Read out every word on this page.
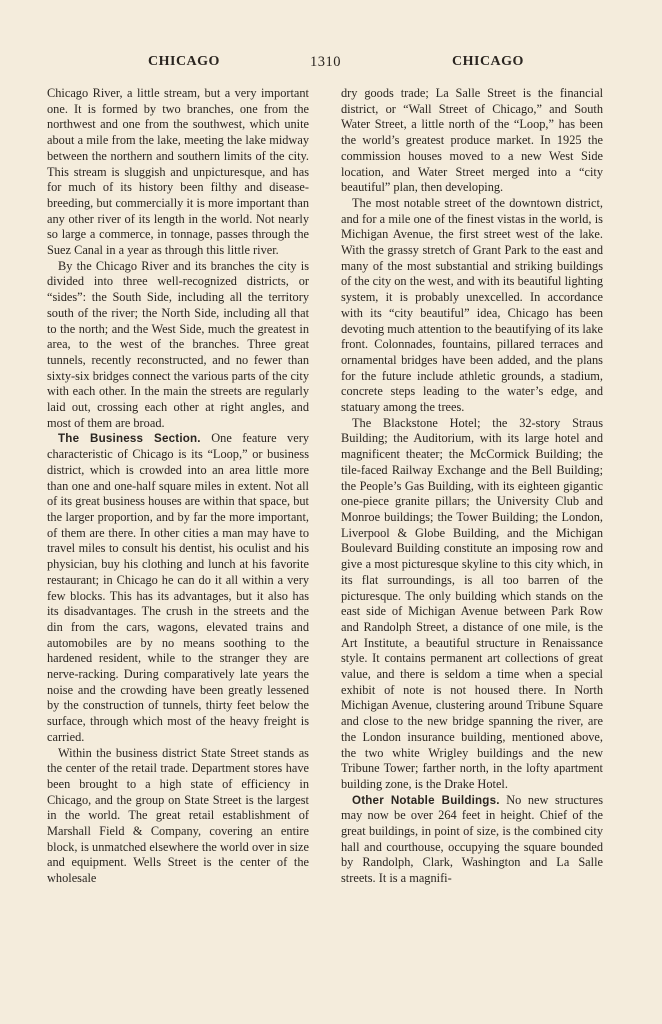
CHICAGO	1310	CHICAGO

Chicago River, a little stream, but a very important one. It is formed by two branches, one from the northwest and one from the southwest, which unite about a mile from the lake, meeting the lake midway between the northern and southern limits of the city. This stream is sluggish and unpicturesque, and has for much of its history been filthy and disease-breeding, but commercially it is more important than any other river of its length in the world. Not nearly so large a commerce, in tonnage, passes through the Suez Canal in a year as through this little river.

By the Chicago River and its branches the city is divided into three well-recognized districts, or “sides”: the South Side, including all the territory south of the river; the North Side, including all that to the north; and the West Side, much the greatest in area, to the west of the branches. Three great tunnels, recently reconstructed, and no fewer than sixty-six bridges connect the various parts of the city with each other. In the main the streets are regularly laid out, crossing each other at right angles, and most of them are broad.

The Business Section. One feature very characteristic of Chicago is its “Loop,” or business district, which is crowded into an area little more than one and one-half square miles in extent. Not all of its great business houses are within that space, but the larger proportion, and by far the more important, of them are there. In other cities a man may have to travel miles to consult his dentist, his oculist and his physician, buy his clothing and lunch at his favorite restaurant; in Chicago he can do it all within a very few blocks. This has its advantages, but it also has its disadvantages. The crush in the streets and the din from the cars, wagons, elevated trains and automobiles are by no means soothing to the hardened resident, while to the stranger they are nerve-racking. During comparatively late years the noise and the crowding have been greatly lessened by the construction of tunnels, thirty feet below the surface, through which most of the heavy freight is carried.

Within the business district State Street stands as the center of the retail trade. Department stores have been brought to a high state of efficiency in Chicago, and the group on State Street is the largest in the world. The great retail establishment of Marshall Field & Company, covering an entire block, is unmatched elsewhere the world over in size and equipment. Wells Street is the center of the wholesale

dry goods trade; La Salle Street is the financial district, or “Wall Street of Chicago,” and South Water Street, a little north of the “Loop,” has been the world’s greatest produce market. In 1925 the commission houses moved to a new West Side location, and Water Street merged into a “city beautiful” plan, then developing.

The most notable street of the downtown district, and for a mile one of the finest vistas in the world, is Michigan Avenue, the first street west of the lake. With the grassy stretch of Grant Park to the east and many of the most substantial and striking buildings of the city on the west, and with its beautiful lighting system, it is probably unexcelled. In accordance with its “city beautiful” idea, Chicago has been devoting much attention to the beautifying of its lake front. Colonnades, fountains, pillared terraces and ornamental bridges have been added, and the plans for the future include athletic grounds, a stadium, concrete steps leading to the water’s edge, and statuary among the trees.

The Blackstone Hotel; the 32-story Straus Building; the Auditorium, with its large hotel and magnificent theater; the McCormick Building; the tile-faced Railway Exchange and the Bell Building; the People’s Gas Building, with its eighteen gigantic one-piece granite pillars; the University Club and Monroe buildings; the Tower Building; the London, Liverpool & Globe Building, and the Michigan Boulevard Building constitute an imposing row and give a most picturesque skyline to this city which, in its flat surroundings, is all too barren of the picturesque. The only building which stands on the east side of Michigan Avenue between Park Row and Randolph Street, a distance of one mile, is the Art Institute, a beautiful structure in Renaissance style. It contains permanent art collections of great value, and there is seldom a time when a special exhibit of note is not housed there. In North Michigan Avenue, clustering around Tribune Square and close to the new bridge spanning the river, are the London insurance building, mentioned above, the two white Wrigley buildings and the new Tribune Tower; farther north, in the lofty apartment building zone, is the Drake Hotel.

Other Notable Buildings. No new structures may now be over 264 feet in height. Chief of the great buildings, in point of size, is the combined city hall and courthouse, occupying the square bounded by Randolph, Clark, Washington and La Salle streets. It is a magnifi-
